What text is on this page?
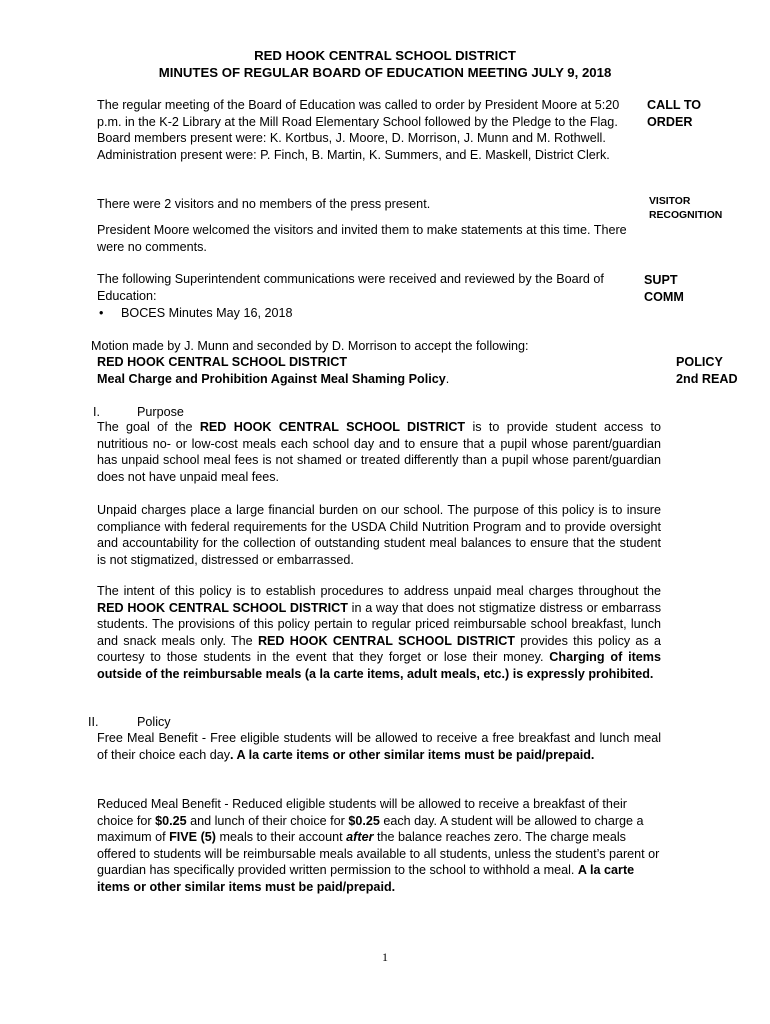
RED HOOK CENTRAL SCHOOL DISTRICT
MINUTES OF REGULAR BOARD OF EDUCATION MEETING JULY 9, 2018

The regular meeting of the Board of Education was called to order by President Moore at 5:20 p.m. in the K-2 Library at the Mill Road Elementary School followed by the Pledge to the Flag. Board members present were: K. Kortbus, J. Moore, D. Morrison, J. Munn and M. Rothwell. Administration present were: P. Finch, B. Martin, K. Summers, and E. Maskell, District Clerk.

CALL TO
ORDER

There were 2 visitors and no members of the press present.	VISITOR
RECOGNITION

President Moore welcomed the visitors and invited them to make statements at this time. There were no comments.

The following Superintendent communications were received and reviewed by the Board of Education:

SUPT
COMM
•	BOCES Minutes May 16, 2018

Motion made by J. Munn and seconded by D. Morrison to accept the following:

RED HOOK CENTRAL SCHOOL DISTRICT
Meal Charge and Prohibition Against Meal Shaming Policy.
POLICY
2nd READ
I.	Purpose

The goal of the RED HOOK CENTRAL SCHOOL DISTRICT is to provide student access to nutritious no- or low-cost meals each school day and to ensure that a pupil whose parent/guardian has unpaid school meal fees is not shamed or treated differently than a pupil whose parent/guardian does not have unpaid meal fees.

Unpaid charges place a large financial burden on our school. The purpose of this policy is to insure compliance with federal requirements for the USDA Child Nutrition Program and to provide oversight and accountability for the collection of outstanding student meal balances to ensure that the student is not stigmatized, distressed or embarrassed.

The intent of this policy is to establish procedures to address unpaid meal charges throughout the RED HOOK CENTRAL SCHOOL DISTRICT in a way that does not stigmatize distress or embarrass students. The provisions of this policy pertain to regular priced reimbursable school breakfast, lunch and snack meals only. The RED HOOK CENTRAL SCHOOL DISTRICT provides this policy as a courtesy to those students in the event that they forget or lose their money. Charging of items outside of the reimbursable meals (a la carte items, adult meals, etc.) is expressly prohibited.

II.	Policy

Free Meal Benefit - Free eligible students will be allowed to receive a free breakfast and lunch meal of their choice each day. A la carte items or other similar items must be paid/prepaid.

Reduced Meal Benefit - Reduced eligible students will be allowed to receive a breakfast of their choice for $0.25 and lunch of their choice for $0.25 each day. A student will be allowed to charge a maximum of FIVE (5) meals to their account after the balance reaches zero. The charge meals offered to students will be reimbursable meals available to all students, unless the student’s parent or guardian has specifically provided written permission to the school to withhold a meal. A la carte items or other similar items must be paid/prepaid.

1
